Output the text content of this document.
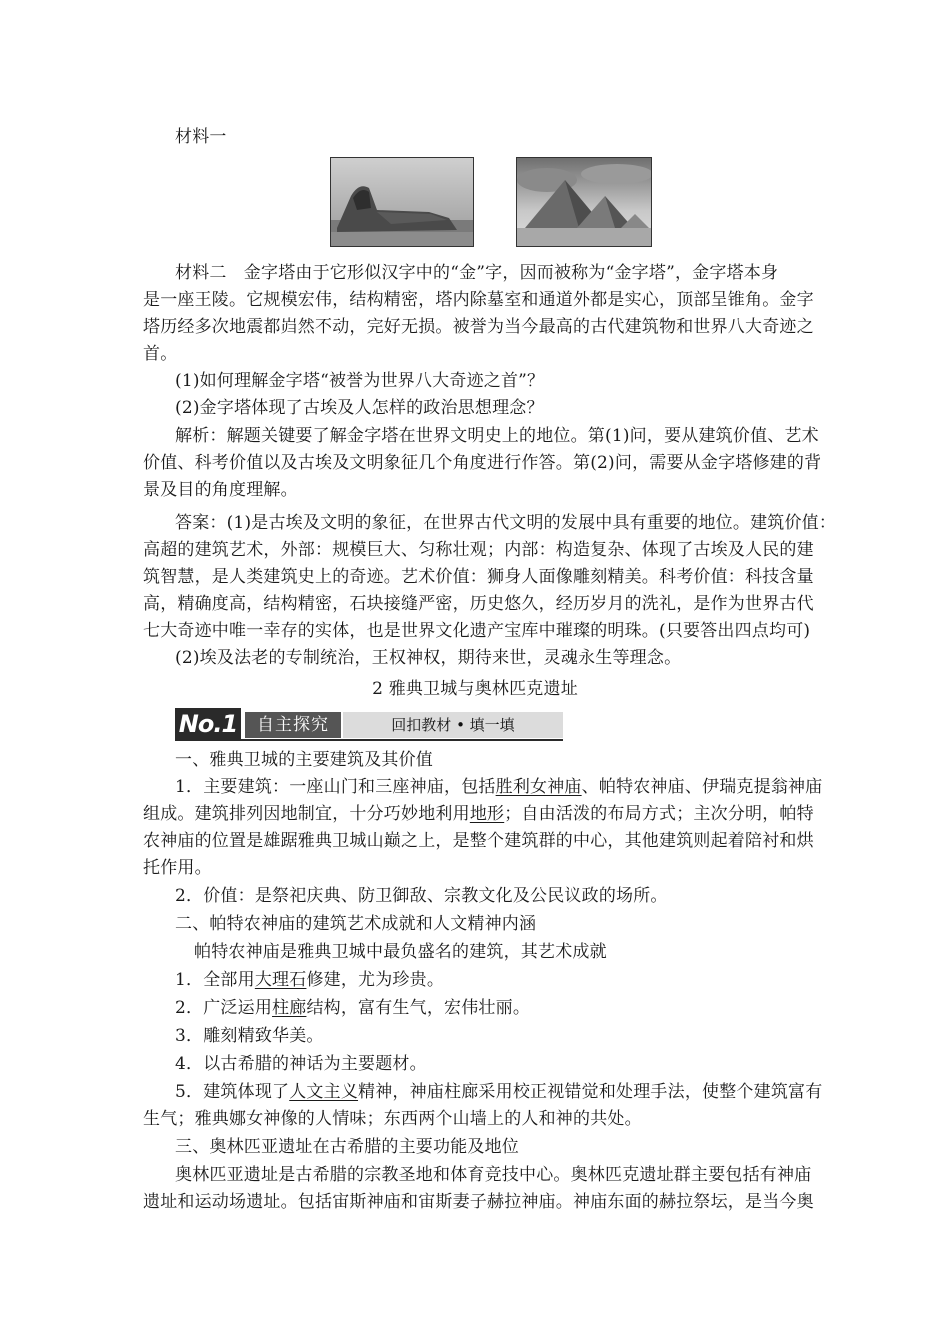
材料一
材料二　金字塔由于它形似汉字中的“金”字，因而被称为“金字塔”，金字塔本身
是一座王陵。它规模宏伟，结构精密，塔内除墓室和通道外都是实心，顶部呈锥角。金字
塔历经多次地震都岿然不动，完好无损。被誉为当今最高的古代建筑物和世界八大奇迹之
首。
(1)如何理解金字塔“被誉为世界八大奇迹之首”？
(2)金字塔体现了古埃及人怎样的政治思想理念？
解析：解题关键要了解金字塔在世界文明史上的地位。第(1)问，要从建筑价值、艺术
价值、科考价值以及古埃及文明象征几个角度进行作答。第(2)问，需要从金字塔修建的背
景及目的角度理解。
答案：(1)是古埃及文明的象征，在世界古代文明的发展中具有重要的地位。建筑价值：
高超的建筑艺术，外部：规模巨大、匀称壮观；内部：构造复杂、体现了古埃及人民的建
筑智慧，是人类建筑史上的奇迹。艺术价值：狮身人面像雕刻精美。科考价值：科技含量
高，精确度高，结构精密，石块接缝严密，历史悠久，经历岁月的洗礼，是作为世界古代
七大奇迹中唯一幸存的实体，也是世界文化遗产宝库中璀璨的明珠。(只要答出四点均可)
(2)埃及法老的专制统治，王权神权，期待来世，灵魂永生等理念。
2 雅典卫城与奥林匹克遗址
No.1	自主探究	回扣教材 • 填一填
一、雅典卫城的主要建筑及其价值
1．主要建筑：一座山门和三座神庙，包括胜利女神庙、帕特农神庙、伊瑞克提翁神庙
组成。建筑排列因地制宜，十分巧妙地利用地形；自由活泼的布局方式；主次分明，帕特
农神庙的位置是雄踞雅典卫城山巅之上，是整个建筑群的中心，其他建筑则起着陪衬和烘
托作用。
2．价值：是祭祀庆典、防卫御敌、宗教文化及公民议政的场所。
二、帕特农神庙的建筑艺术成就和人文精神内涵
帕特农神庙是雅典卫城中最负盛名的建筑，其艺术成就
1．全部用大理石修建，尤为珍贵。
2．广泛运用柱廊结构，富有生气，宏伟壮丽。
3．雕刻精致华美。
4．以古希腊的神话为主要题材。
5．建筑体现了人文主义精神，神庙柱廊采用校正视错觉和处理手法，使整个建筑富有
生气；雅典娜女神像的人情味；东西两个山墙上的人和神的共处。
三、奥林匹亚遗址在古希腊的主要功能及地位
奥林匹亚遗址是古希腊的宗教圣地和体育竞技中心。奥林匹克遗址群主要包括有神庙
遗址和运动场遗址。包括宙斯神庙和宙斯妻子赫拉神庙。神庙东面的赫拉祭坛，是当今奥
